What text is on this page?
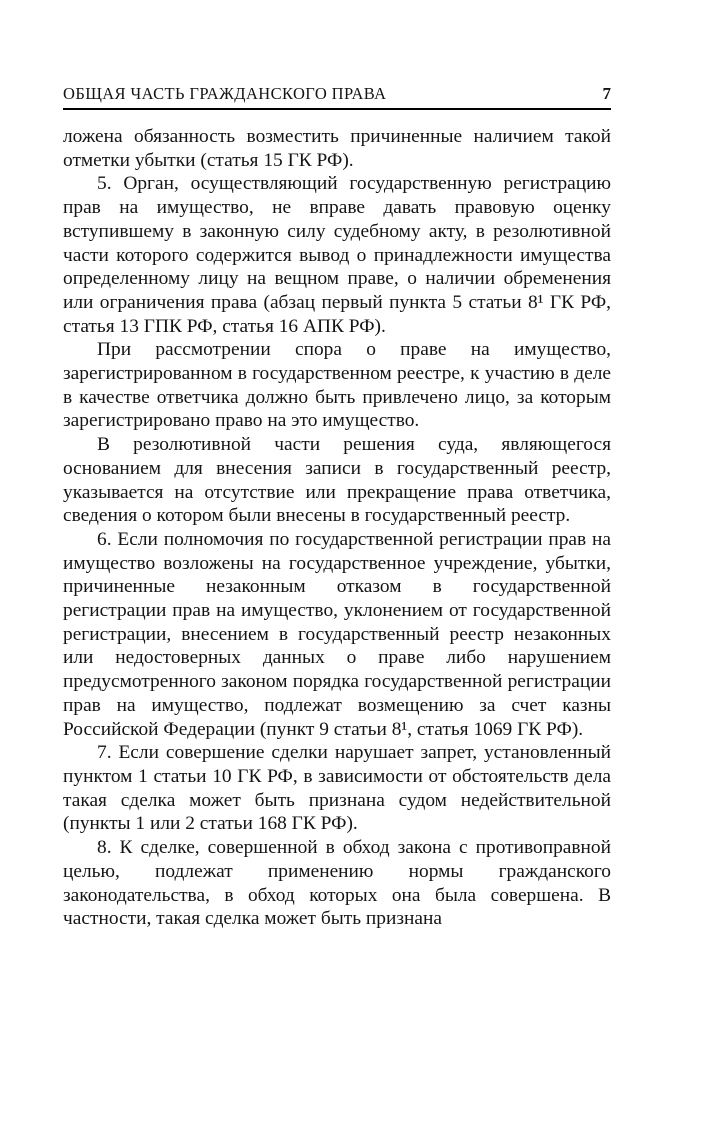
ОБЩАЯ ЧАСТЬ ГРАЖДАНСКОГО ПРАВА	7

ложена обязанность возместить причиненные наличием такой отметки убытки (статья 15 ГК РФ).

5. Орган, осуществляющий государственную регистрацию прав на имущество, не вправе давать правовую оценку вступившему в законную силу судебному акту, в резолютивной части которого содержится вывод о принадлежности имущества определенному лицу на вещном праве, о наличии обременения или ограничения права (абзац первый пункта 5 статьи 8¹ ГК РФ, статья 13 ГПК РФ, статья 16 АПК РФ).

При рассмотрении спора о праве на имущество, зарегистрированном в государственном реестре, к участию в деле в качестве ответчика должно быть привлечено лицо, за которым зарегистрировано право на это имущество.

В резолютивной части решения суда, являющегося основанием для внесения записи в государственный реестр, указывается на отсутствие или прекращение права ответчика, сведения о котором были внесены в государственный реестр.

6. Если полномочия по государственной регистрации прав на имущество возложены на государственное учреждение, убытки, причиненные незаконным отказом в государственной регистрации прав на имущество, уклонением от государственной регистрации, внесением в государственный реестр незаконных или недостоверных данных о праве либо нарушением предусмотренного законом порядка государственной регистрации прав на имущество, подлежат возмещению за счет казны Российской Федерации (пункт 9 статьи 8¹, статья 1069 ГК РФ).

7. Если совершение сделки нарушает запрет, установленный пунктом 1 статьи 10 ГК РФ, в зависимости от обстоятельств дела такая сделка может быть признана судом недействительной (пункты 1 или 2 статьи 168 ГК РФ).

8. К сделке, совершенной в обход закона с противоправной целью, подлежат применению нормы гражданского законодательства, в обход которых она была совершена. В частности, такая сделка может быть признана
